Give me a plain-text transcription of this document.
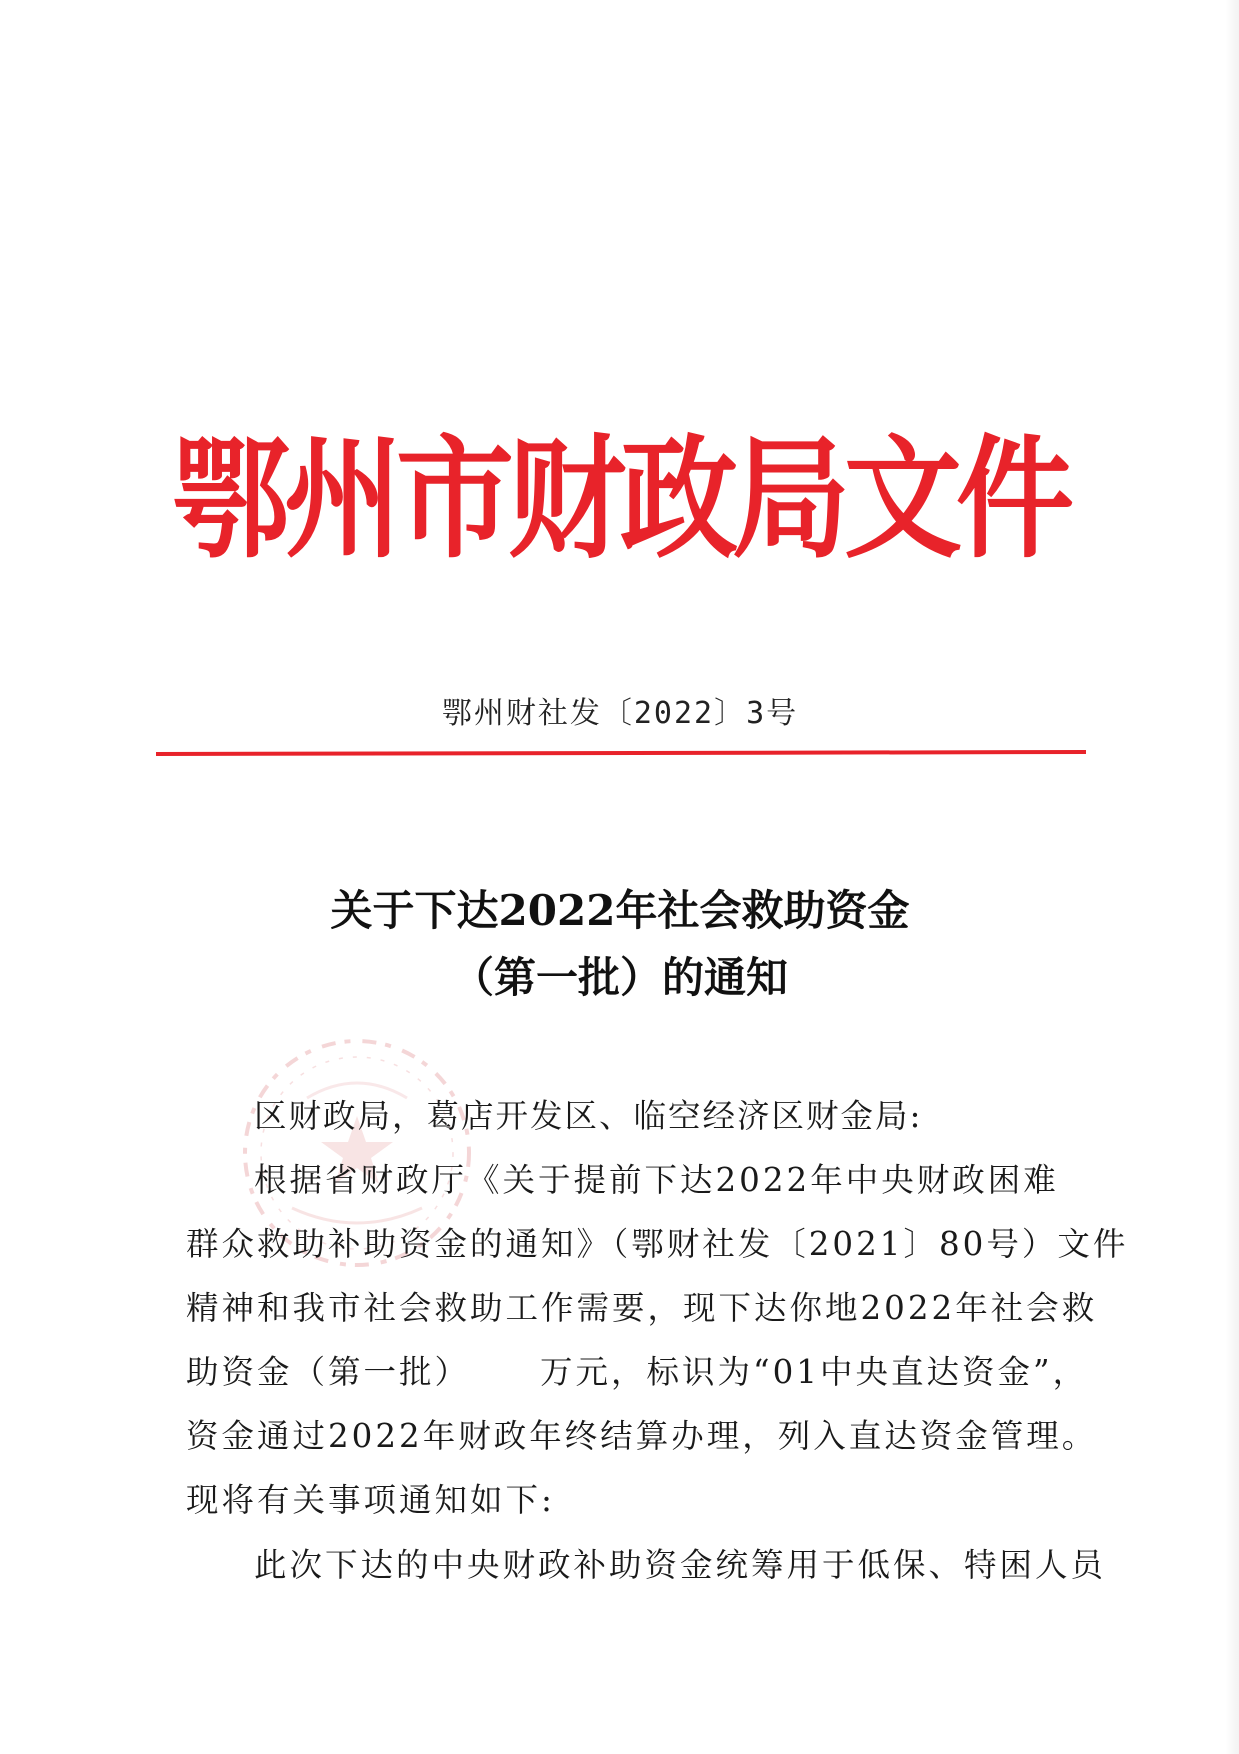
鄂州市财政局文件
鄂州财社发〔2022〕3号
关于下达2022年社会救助资金
（第一批）的通知
区财政局，葛店开发区、临空经济区财金局:
根据省财政厅《关于提前下达2022年中央财政困难
群众救助补助资金的通知》（鄂财社发〔2021〕80号）文件
精神和我市社会救助工作需要，现下达你地2022年社会救
助资金（第一批） 万元，标识为“01中央直达资金”，
资金通过2022年财政年终结算办理，列入直达资金管理。
现将有关事项通知如下:
此次下达的中央财政补助资金统筹用于低保、特困人员
